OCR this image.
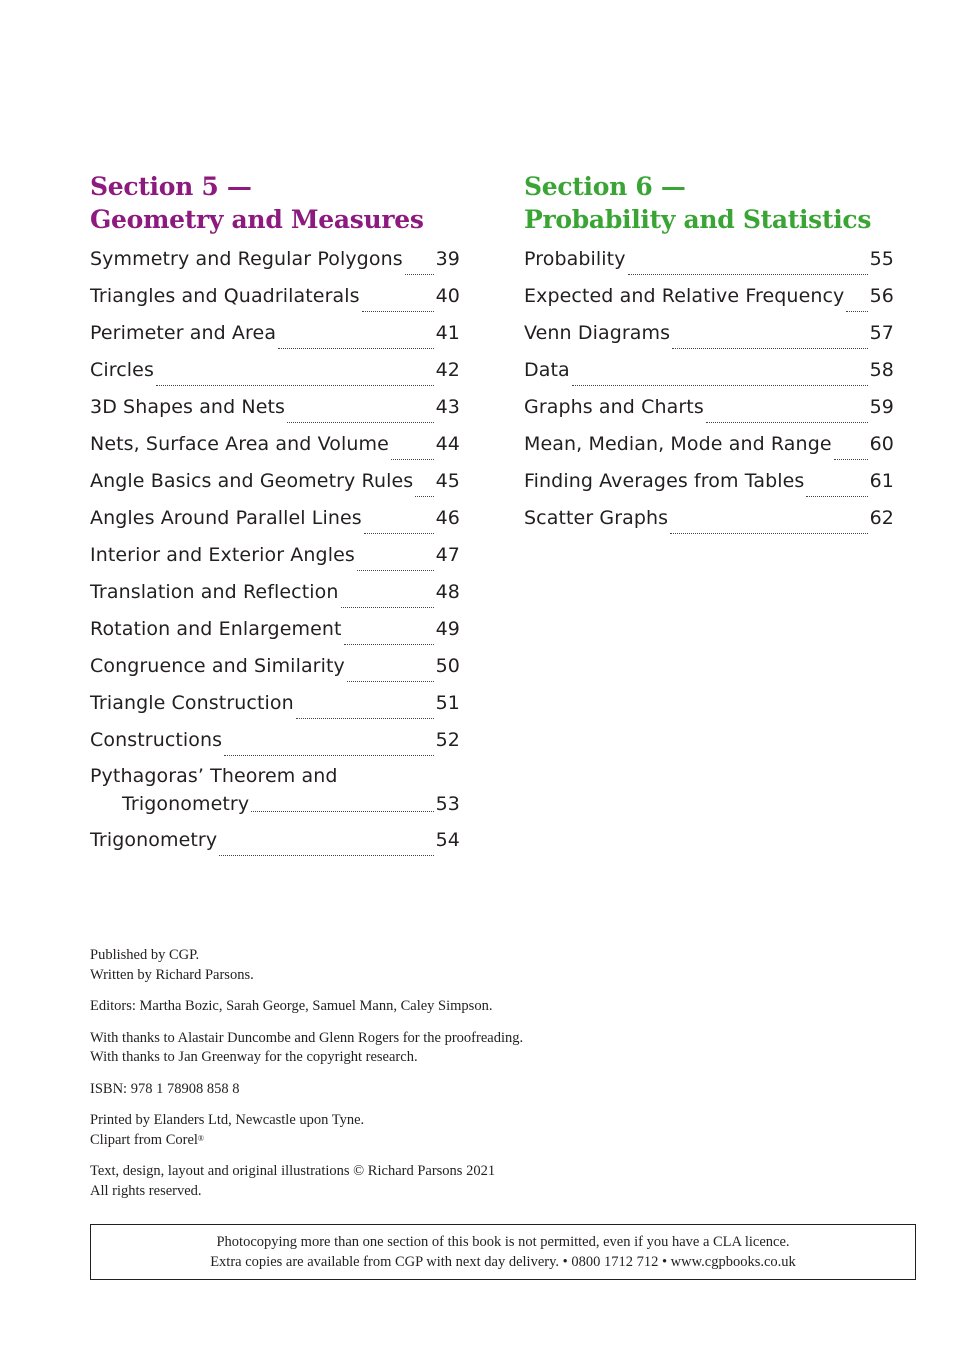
Section 5 —
Geometry and Measures
Symmetry and Regular Polygons 39
Triangles and Quadrilaterals	40
Perimeter and Area	41
Circles	42
3D Shapes and Nets	43
Nets, Surface Area and Volume 44
Angle Basics and Geometry Rules 45
Angles Around Parallel Lines	46
Interior and Exterior Angles	47
Translation and Reflection	48
Rotation and Enlargement	49
Congruence and Similarity	50
Triangle Construction	51
Constructions	52
Pythagoras’ Theorem and
Trigonometry	53
Trigonometry	54
Section 6 —
Probability and Statistics
Probability	55
Expected and Relative Frequency 56
Venn Diagrams	57
Data	58
Graphs and Charts	59
Mean, Median, Mode and Range 60
Finding Averages from Tables	61
Scatter Graphs	62

Published by CGP.
Written by Richard Parsons.

Editors: Martha Bozic, Sarah George, Samuel Mann, Caley Simpson.

With thanks to Alastair Duncombe and Glenn Rogers for the proofreading.
With thanks to Jan Greenway for the copyright research.

ISBN: 978 1 78908 858 8

Printed by Elanders Ltd, Newcastle upon Tyne.
Clipart from Corel®

Text, design, layout and original illustrations © Richard Parsons 2021
All rights reserved.

Photocopying more than one section of this book is not permitted, even if you have a CLA licence.
Extra copies are available from CGP with next day delivery. • 0800 1712 712 • www.cgpbooks.co.uk
